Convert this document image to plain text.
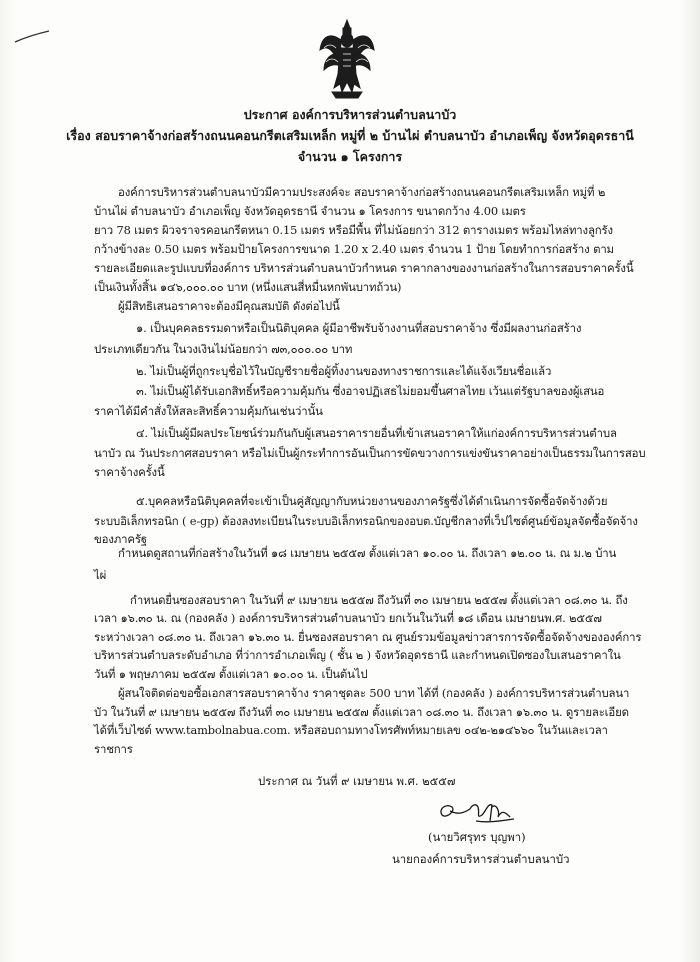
ประกาศ องค์การบริหารส่วนตำบลนาบัว
เรื่อง สอบราคาจ้างก่อสร้างถนนคอนกรีตเสริมเหล็ก หมู่ที่ ๒ บ้านไผ่ ตำบลนาบัว อำเภอเพ็ญ จังหวัดอุดรธานี
จำนวน ๑ โครงการ
องค์การบริหารส่วนตำบลนาบัวมีความประสงค์จะ สอบราคาจ้างก่อสร้างถนนคอนกรีตเสริมเหล็ก หมู่ที่ ๒
บ้านไผ่ ตำบลนาบัว อำเภอเพ็ญ จังหวัดอุดรธานี จำนวน ๑ โครงการ ขนาดกว้าง 4.00 เมตร
ยาว 78 เมตร ผิวจราจรคอนกรีตหนา 0.15 เมตร หรือมีพื้น ที่ไม่น้อยกว่า 312 ตารางเมตร พร้อมไหล่ทางลูกรัง
กว้างข้างละ 0.50 เมตร พร้อมป้ายโครงการขนาด 1.20 x 2.40 เมตร จำนวน 1 ป้าย โดยทำการก่อสร้าง ตาม
รายละเอียดและรูปแบบที่องค์การ บริหารส่วนตำบลนาบัวกำหนด ราคากลางของงานก่อสร้างในการสอบราคาครั้งนี้
เป็นเงินทั้งสิ้น ๑๔๖,๐๐๐.๐๐ บาท (หนึ่งแสนสี่หมื่นหกพันบาทถ้วน)
ผู้มีสิทธิเสนอราคาจะต้องมีคุณสมบัติ ดังต่อไปนี้
๑. เป็นบุคคลธรรมดาหรือเป็นนิติบุคคล ผู้มีอาชีพรับจ้างงานที่สอบราคาจ้าง ซึ่งมีผลงานก่อสร้าง
ประเภทเดียวกัน ในวงเงินไม่น้อยกว่า ๗๓,๐๐๐.๐๐ บาท
๒. ไม่เป็นผู้ที่ถูกระบุชื่อไว้ในบัญชีรายชื่อผู้ทิ้งงานของทางราชการและได้แจ้งเวียนชื่อแล้ว
๓. ไม่เป็นผู้ได้รับเอกสิทธิ์หรือความคุ้มกัน ซึ่งอาจปฏิเสธไม่ยอมขึ้นศาลไทย เว้นแต่รัฐบาลของผู้เสนอ
ราคาได้มีคำสั่งให้สละสิทธิ์ความคุ้มกันเช่นว่านั้น
๔. ไม่เป็นผู้มีผลประโยชน์ร่วมกันกับผู้เสนอราคารายอื่นที่เข้าเสนอราคาให้แก่องค์การบริหารส่วนตำบล
นาบัว ณ วันประกาศสอบราคา หรือไม่เป็นผู้กระทำการอันเป็นการขัดขวางการแข่งขันราคาอย่างเป็นธรรมในการสอบ
ราคาจ้างครั้งนี้
๕.บุคคลหรือนิติบุคคลที่จะเข้าเป็นคู่สัญญากับหน่วยงานของภาครัฐซึ่งได้ดำเนินการจัดซื้อจัดจ้างด้วย
ระบบอิเล็กทรอนิก ( e-gp) ต้องลงทะเบียนในระบบอิเล็กทรอนิกของอบต.บัญชีกลางที่เว็ปไซต์ศูนย์ข้อมูลจัดซื้อจัดจ้าง
ของภาครัฐ
กำหนดดูสถานที่ก่อสร้างในวันที่ ๑๘ เมษายน ๒๕๕๗ ตั้งแต่เวลา ๑๐.๐๐ น. ถึงเวลา ๑๒.๐๐ น. ณ ม.๒ บ้าน
ไผ่
กำหนดยื่นซองสอบราคา ในวันที่ ๙ เมษายน ๒๕๕๗ ถึงวันที่ ๓๐ เมษายน ๒๕๕๗ ตั้งแต่เวลา ๐๘.๓๐ น. ถึง
เวลา ๑๖.๓๐ น. ณ (กองคลัง ) องค์การบริหารส่วนตำบลนาบัว ยกเว้นในวันที่ ๑๘ เดือน เมษายนพ.ศ. ๒๕๕๗
ระหว่างเวลา ๐๘.๓๐ น. ถึงเวลา ๑๖.๓๐ น. ยื่นซองสอบราคา ณ ศูนย์รวมข้อมูลข่าวสารการจัดซื้อจัดจ้างขององค์การ
บริหารส่วนตำบลระดับอำเภอ ที่ว่าการอำเภอเพ็ญ ( ชั้น ๒ ) จังหวัดอุดรธานี และกำหนดเปิดซองใบเสนอราคาใน
วันที่ ๑ พฤษภาคม ๒๕๕๗ ตั้งแต่เวลา ๑๐.๐๐ น. เป็นต้นไป
ผู้สนใจติดต่อขอซื้อเอกสารสอบราคาจ้าง ราคาชุดละ 500 บาท ได้ที่ (กองคลัง ) องค์การบริหารส่วนตำบลนา
บัว ในวันที่ ๙ เมษายน ๒๕๕๗ ถึงวันที่ ๓๐ เมษายน ๒๕๕๗ ตั้งแต่เวลา ๐๘.๓๐ น. ถึงเวลา ๑๖.๓๐ น. ดูรายละเอียด
ได้ที่เว็บไซต์ www.tambolnabua.com. หรือสอบถามทางโทรศัพท์หมายเลข ๐๔๒-๒๑๔๖๖๐ ในวันและเวลา
ราชการ
ประกาศ ณ วันที่ ๙ เมษายน พ.ศ. ๒๕๕๗
(นายวิศรุทร บุญพา)
นายกองค์การบริหารส่วนตำบลนาบัว
